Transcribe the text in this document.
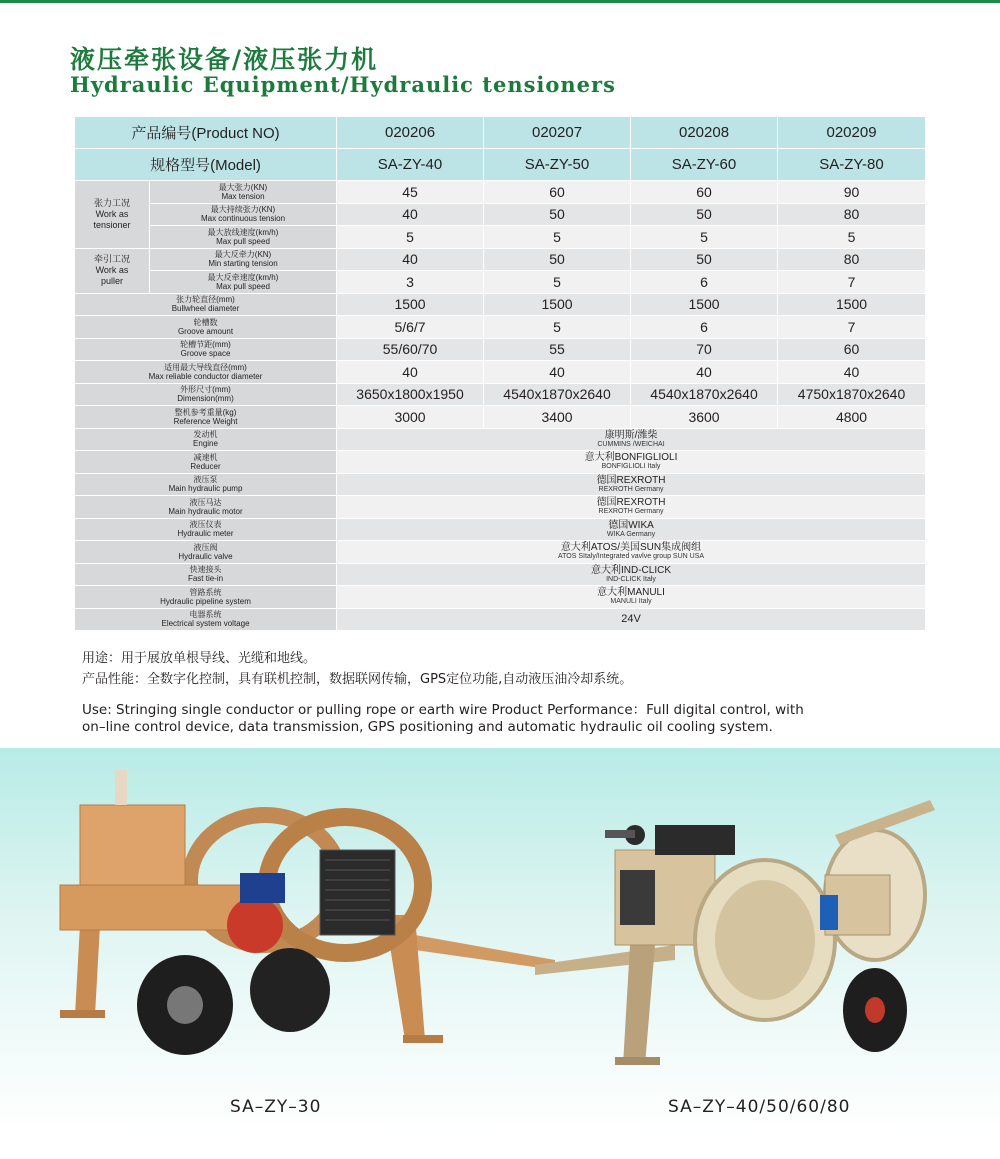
液压牵张设备/液压张力机
Hydraulic Equipment/Hydraulic tensioners
产品编号(Product NO)		020206	020207	020208	020209
规格型号(Model)		SA-ZY-40	SA-ZY-50	SA-ZY-60	SA-ZY-80

张力工况
Work as
tensioner	最大张力(KN)
Max tension	45	60	60	90

	最大持续张力(KN)
Max continuous tension	40	50	50	80

	最大放线速度(km/h)
Max pull speed	5	5	5	5

牵引工况
Work as
puller	最大反牵力(KN)
Min starting tension	40	50	50	80

	最大反牵速度(km/h)
Max pull speed	3	5	6	7

张力轮直径(mm)
Bullwheel diameter		1500	1500	1500	1500

轮槽数
Groove amount		5/6/7	5	6	7

轮槽节距(mm)
Groove space		55/60/70	55	70	60

适用最大导线直径(mm)
Max reliable conductor diameter		40	40	40	40

外形尺寸(mm)
Dimension(mm)		3650x1800x1950	4540x1870x2640	4540x1870x2640	4750x1870x2640

整机参考重量(kg)
Reference Weight		3000	3400	3600	4800

发动机
Engine		康明斯/潍柴
CUMMINS /WEICHAI			

减速机
Reducer		意大利BONFIGLIOLI
BONFIGLIOLI Italy			

液压泵
Main hydraulic pump		德国REXROTH
REXROTH Germany			

液压马达
Main hydraulic motor		德国REXROTH
REXROTH Germany			

液压仪表
Hydraulic meter		德国WIKA
WIKA Germany			

液压阀
Hydraulic valve		意大利ATOS/美国SUN集成阀组
ATOS SItaly/Integrated vavlve group SUN USA			

快速接头
Fast tie-in		意大利IND-CLICK
IND-CLICK Italy			

管路系统
Hydraulic pipeline system		意大利MANULI
MANULI Italy			

电器系统
Electrical system voltage		24V			
用途：用于展放单根导线、光缆和地线。
产品性能：全数字化控制，具有联机控制，数据联网传输，GPS定位功能,自动液压油冷却系统。
Use: Stringing single conductor or pulling rope or earth wire Product Performance：Full digital control, with
on–line control device, data transmission, GPS positioning and automatic hydraulic oil cooling system.
SA–ZY–30	SA–ZY–40/50/60/80
